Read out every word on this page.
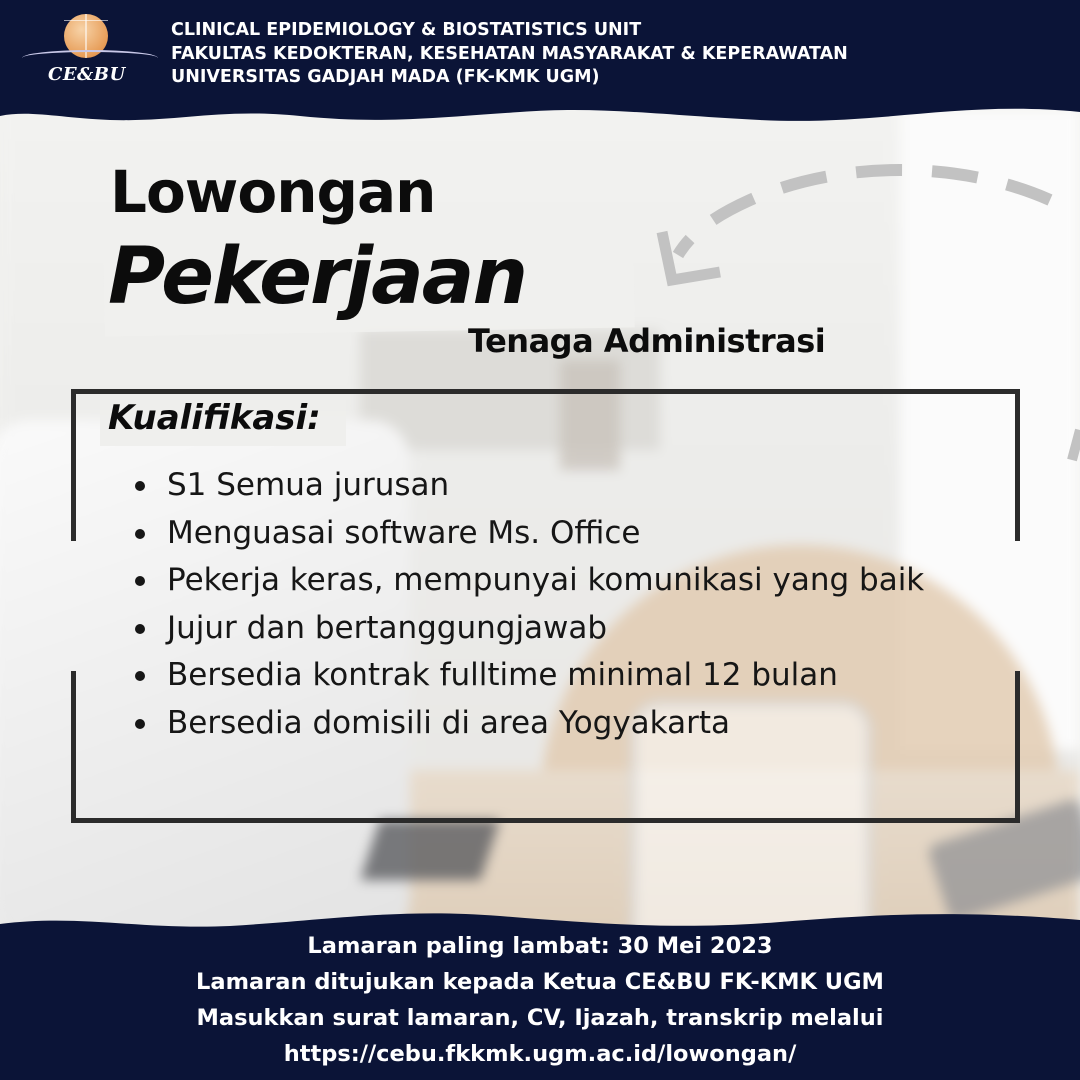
CE&BU
CLINICAL EPIDEMIOLOGY & BIOSTATISTICS UNIT
FAKULTAS KEDOKTERAN, KESEHATAN MASYARAKAT & KEPERAWATAN
UNIVERSITAS GADJAH MADA (FK-KMK UGM)
Lowongan
Pekerjaan
Tenaga Administrasi
Kualifikasi:
S1 Semua jurusan
Menguasai software Ms. Office
Pekerja keras, mempunyai komunikasi yang baik
Jujur dan bertanggungjawab
Bersedia kontrak fulltime minimal 12 bulan
Bersedia domisili di area Yogyakarta
Lamaran paling lambat: 30 Mei 2023
Lamaran ditujukan kepada Ketua CE&BU FK-KMK UGM
Masukkan surat lamaran, CV, Ijazah, transkrip melalui
https://cebu.fkkmk.ugm.ac.id/lowongan/
